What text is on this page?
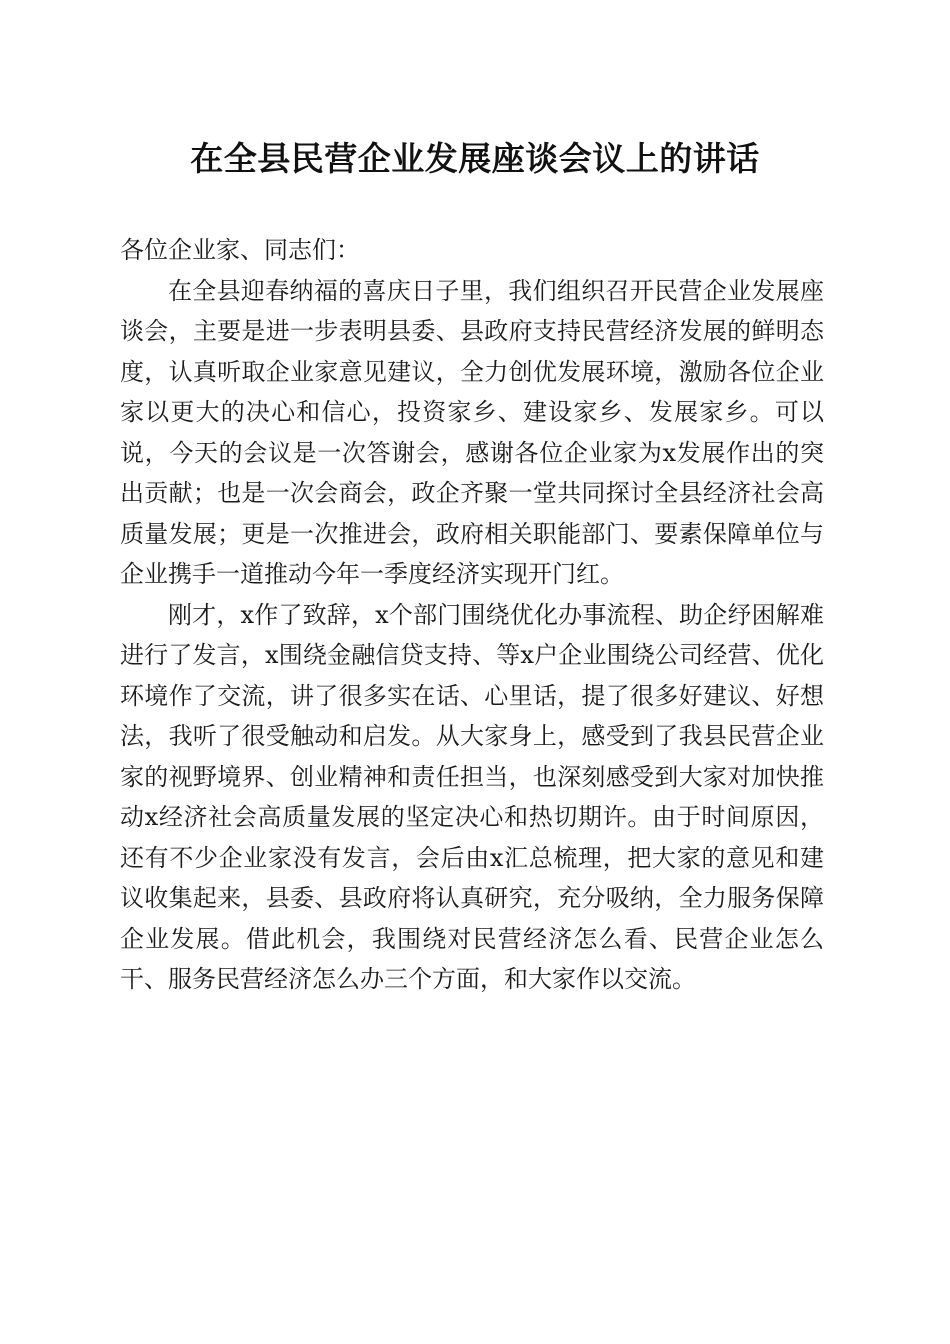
在全县民营企业发展座谈会议上的讲话

各位企业家、同志们：

在全县迎春纳福的喜庆日子里，我们组织召开民营企业发展座谈会，主要是进一步表明县委、县政府支持民营经济发展的鲜明态度，认真听取企业家意见建议，全力创优发展环境，激励各位企业家以更大的决心和信心，投资家乡、建设家乡、发展家乡。可以说，今天的会议是一次答谢会，感谢各位企业家为x发展作出的突出贡献；也是一次会商会，政企齐聚一堂共同探讨全县经济社会高质量发展；更是一次推进会，政府相关职能部门、要素保障单位与企业携手一道推动今年一季度经济实现开门红。

刚才，x作了致辞，x个部门围绕优化办事流程、助企纾困解难进行了发言，x围绕金融信贷支持、等x户企业围绕公司经营、优化环境作了交流，讲了很多实在话、心里话，提了很多好建议、好想法，我听了很受触动和启发。从大家身上，感受到了我县民营企业家的视野境界、创业精神和责任担当，也深刻感受到大家对加快推动x经济社会高质量发展的坚定决心和热切期许。由于时间原因，还有不少企业家没有发言，会后由x汇总梳理，把大家的意见和建议收集起来，县委、县政府将认真研究，充分吸纳，全力服务保障企业发展。借此机会，我围绕对民营经济怎么看、民营企业怎么干、服务民营经济怎么办三个方面，和大家作以交流。
